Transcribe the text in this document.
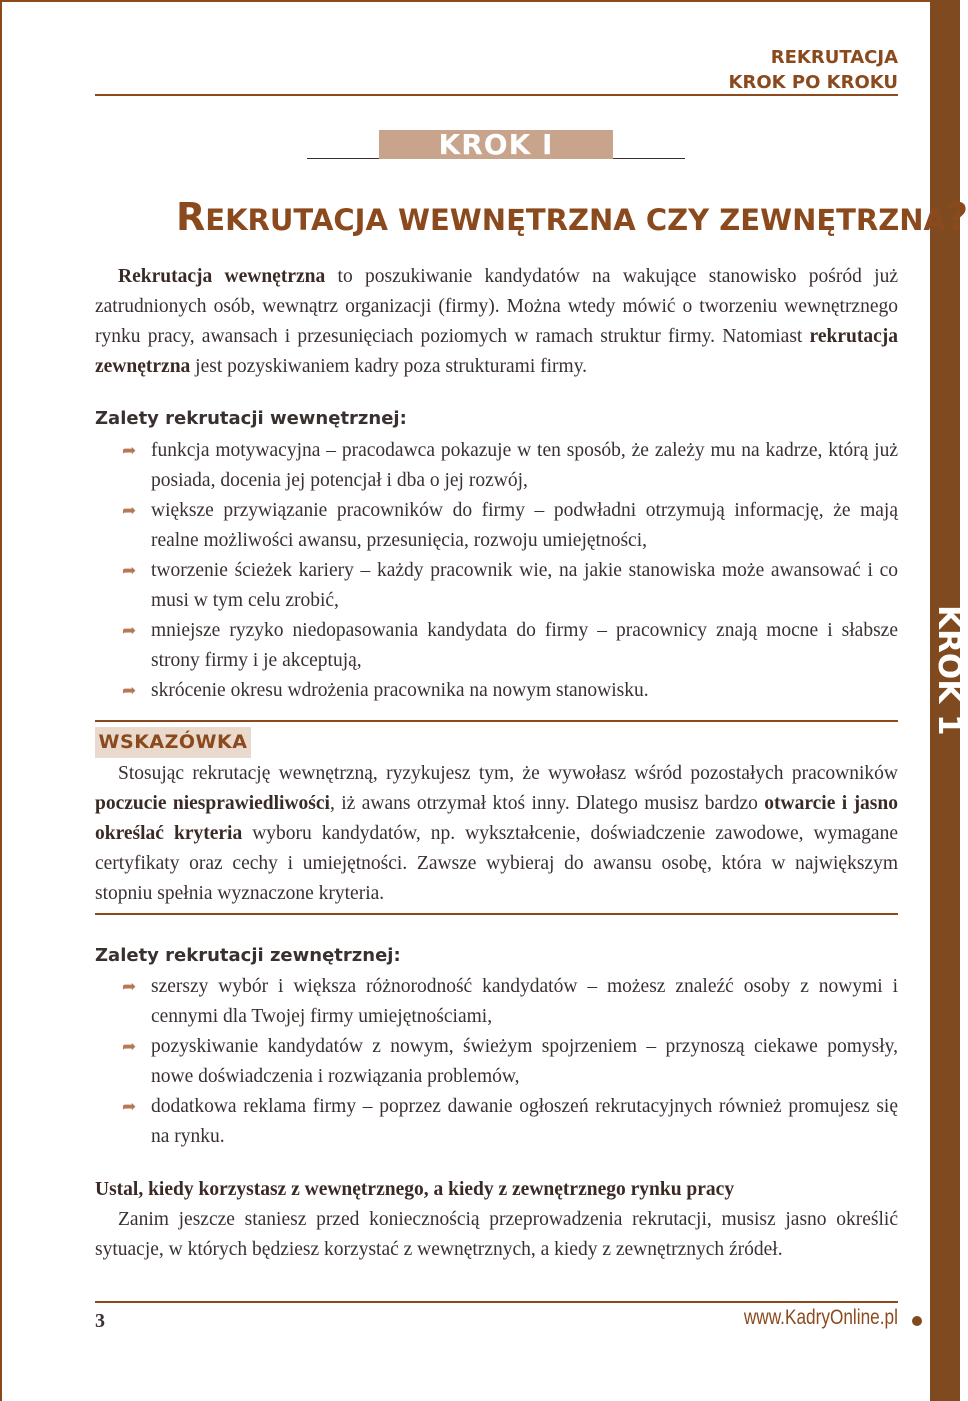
KROK 1
REKRUTACJA
KROK PO KROKU
KROK I
REKRUTACJA WEWNĘTRZNA CZY ZEWNĘTRZNA?

Rekrutacja wewnętrzna to poszukiwanie kandydatów na wakujące stanowisko pośród już zatrudnionych osób, wewnątrz organizacji (firmy). Można wtedy mówić o tworzeniu wewnętrznego rynku pracy, awansach i przesunięciach poziomych w ramach struktur firmy. Natomiast rekrutacja zewnętrzna jest pozyskiwaniem kadry poza strukturami firmy.

Zalety rekrutacji wewnętrznej:
➦ funkcja motywacyjna – pracodawca pokazuje w ten sposób, że zależy mu na kadrze, którą już posiada, docenia jej potencjał i dba o jej rozwój,
➦ większe przywiązanie pracowników do firmy – podwładni otrzymują informację, że mają realne możliwości awansu, przesunięcia, rozwoju umiejętności,
➦ tworzenie ścieżek kariery – każdy pracownik wie, na jakie stanowiska może awansować i co musi w tym celu zrobić,
➦ mniejsze ryzyko niedopasowania kandydata do firmy – pracownicy znają mocne i słabsze strony firmy i je akceptują,
➦ skrócenie okresu wdrożenia pracownika na nowym stanowisku.
WSKAZÓWKA

Stosując rekrutację wewnętrzną, ryzykujesz tym, że wywołasz wśród pozostałych pracowników poczucie niesprawiedliwości, iż awans otrzymał ktoś inny. Dlatego musisz bardzo otwarcie i jasno określać kryteria wyboru kandydatów, np. wykształcenie, doświadczenie zawodowe, wymagane certyfikaty oraz cechy i umiejętności. Zawsze wybieraj do awansu osobę, która w największym stopniu spełnia wyznaczone kryteria.

Zalety rekrutacji zewnętrznej:
➦ szerszy wybór i większa różnorodność kandydatów – możesz znaleźć osoby z nowymi i cennymi dla Twojej firmy umiejętnościami,
➦ pozyskiwanie kandydatów z nowym, świeżym spojrzeniem – przynoszą ciekawe pomysły, nowe doświadczenia i rozwiązania problemów,
➦ dodatkowa reklama firmy – poprzez dawanie ogłoszeń rekrutacyjnych również promujesz się na rynku.
Ustal, kiedy korzystasz z wewnętrznego, a kiedy z zewnętrznego rynku pracy

Zanim jeszcze staniesz przed koniecznością przeprowadzenia rekrutacji, musisz jasno określić sytuacje, w których będziesz korzystać z wewnętrznych, a kiedy z zewnętrznych źródeł.

3	www.KadryOnline.pl
